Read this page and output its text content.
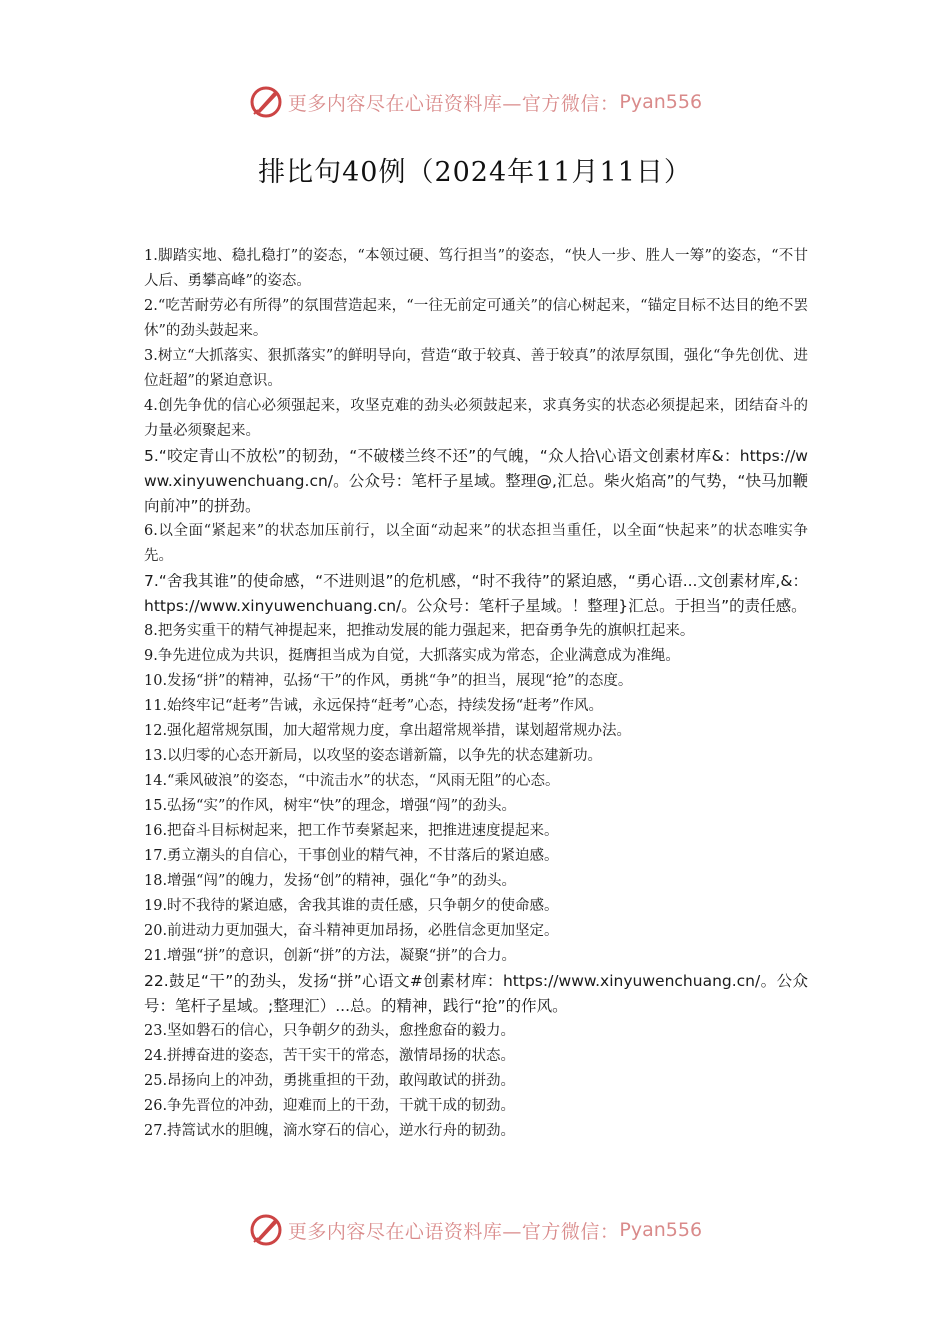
更多内容尽在心语资料库—官方微信： Pyan556
排比句40例（2024年11月11日）

1.脚踏实地、稳扎稳打”的姿态，“本领过硬、笃行担当”的姿态，“快人一步、胜人一筹”的姿态，“不甘人后、勇攀高峰”的姿态。

2.“吃苦耐劳必有所得”的氛围营造起来，“一往无前定可通关”的信心树起来，“锚定目标不达目的绝不罢休”的劲头鼓起来。

3.树立“大抓落实、狠抓落实”的鲜明导向，营造“敢于较真、善于较真”的浓厚氛围，强化“争先创优、进位赶超”的紧迫意识。

4.创先争优的信心必须强起来，攻坚克难的劲头必须鼓起来，求真务实的状态必须提起来，团结奋斗的力量必须聚起来。

5.“咬定青山不放松”的韧劲，“不破楼兰终不还”的气魄，“众人拾\心语文创素材库&：https://www.xinyuwenchuang.cn/。公众号：笔杆子星域。整理@,汇总。柴火焰高”的气势，“快马加鞭向前冲”的拼劲。

6.以全面“紧起来”的状态加压前行，以全面“动起来”的状态担当重任，以全面“快起来”的状态唯实争先。

7.“舍我其谁”的使命感，“不进则退”的危机感，“时不我待”的紧迫感，“勇心语...文创素材库,&：https://www.xinyuwenchuang.cn/。公众号：笔杆子星域。！整理}汇总。于担当”的责任感。

8.把务实重干的精气神提起来，把推动发展的能力强起来，把奋勇争先的旗帜扛起来。

9.争先进位成为共识，挺膺担当成为自觉，大抓落实成为常态，企业满意成为准绳。

10.发扬“拼”的精神，弘扬“干”的作风，勇挑“争”的担当，展现“抢”的态度。

11.始终牢记“赶考”告诫，永远保持“赶考”心态，持续发扬“赶考”作风。

12.强化超常规氛围，加大超常规力度，拿出超常规举措，谋划超常规办法。

13.以归零的心态开新局，以攻坚的姿态谱新篇，以争先的状态建新功。

14.“乘风破浪”的姿态，“中流击水”的状态，“风雨无阻”的心态。

15.弘扬“实”的作风，树牢“快”的理念，增强“闯”的劲头。

16.把奋斗目标树起来，把工作节奏紧起来，把推进速度提起来。

17.勇立潮头的自信心，干事创业的精气神，不甘落后的紧迫感。

18.增强“闯”的魄力，发扬“创”的精神，强化“争”的劲头。

19.时不我待的紧迫感，舍我其谁的责任感，只争朝夕的使命感。

20.前进动力更加强大，奋斗精神更加昂扬，必胜信念更加坚定。

21.增强“拼”的意识，创新“拼”的方法，凝聚“拼”的合力。

22.鼓足“干”的劲头，发扬“拼”心语文#创素材库：https://www.xinyuwenchuang.cn/。公众号：笔杆子星域。;整理汇）...总。的精神，践行“抢”的作风。

23.坚如磐石的信心，只争朝夕的劲头，愈挫愈奋的毅力。

24.拼搏奋进的姿态，苦干实干的常态，激情昂扬的状态。

25.昂扬向上的冲劲，勇挑重担的干劲，敢闯敢试的拼劲。

26.争先晋位的冲劲，迎难而上的干劲，干就干成的韧劲。

27.持篙试水的胆魄，滴水穿石的信心，逆水行舟的韧劲。

更多内容尽在心语资料库—官方微信： Pyan556
